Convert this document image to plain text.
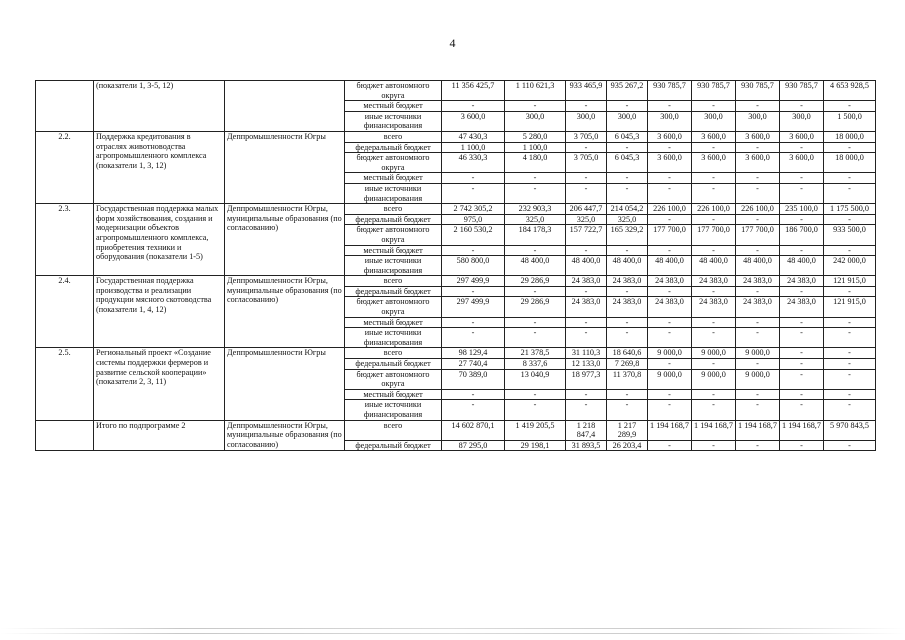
4
	(показатели 1, 3-5, 12)		бюджет автономного округа	11 356 425,7	1 110 621,3	933 465,9	935 267,2	930 785,7	930 785,7	930 785,7	930 785,7	4 653 928,5
			местный бюджет	-	-	-	-	-	-	-	-	-
			иные источники финансирования	3 600,0	300,0	300,0	300,0	300,0	300,0	300,0	300,0	1 500,0
2.2.	Поддержка кредитования в отраслях животноводства агропромышленного комплекса (показатели 1, 3, 12)	Деппромышленности Югры	всего	47 430,3	5 280,0	3 705,0	6 045,3	3 600,0	3 600,0	3 600,0	3 600,0	18 000,0
			федеральный бюджет	1 100,0	1 100,0	-	-	-	-	-	-	-
			бюджет автономного округа	46 330,3	4 180,0	3 705,0	6 045,3	3 600,0	3 600,0	3 600,0	3 600,0	18 000,0
			местный бюджет	-	-	-	-	-	-	-	-	-
			иные источники финансирования	-	-	-	-	-	-	-	-	-
2.3.	Государственная поддержка малых форм хозяйствования, создания и модернизации объектов агропромышленного комплекса, приобретения техники и оборудования (показатели 1-5)	Деппромышленности Югры, муниципальные образования (по согласованию)	всего	2 742 305,2	232 903,3	206 447,7	214 054,2	226 100,0	226 100,0	226 100,0	235 100,0	1 175 500,0
			федеральный бюджет	975,0	325,0	325,0	325,0	-	-	-	-	-
			бюджет автономного округа	2 160 530,2	184 178,3	157 722,7	165 329,2	177 700,0	177 700,0	177 700,0	186 700,0	933 500,0
			местный бюджет	-	-	-	-	-	-	-	-	-
			иные источники финансирования	580 800,0	48 400,0	48 400,0	48 400,0	48 400,0	48 400,0	48 400,0	48 400,0	242 000,0
2.4.	Государственная поддержка производства и реализации продукции мясного скотоводства (показатели 1, 4, 12)	Деппромышленности Югры, муниципальные образования (по согласованию)	всего	297 499,9	29 286,9	24 383,0	24 383,0	24 383,0	24 383,0	24 383,0	24 383,0	121 915,0
			федеральный бюджет	-	-	-	-	-	-	-	-	-
			бюджет автономного округа	297 499,9	29 286,9	24 383,0	24 383,0	24 383,0	24 383,0	24 383,0	24 383,0	121 915,0
			местный бюджет	-	-	-	-	-	-	-	-	-
			иные источники финансирования	-	-	-	-	-	-	-	-	-
2.5.	Региональный проект «Создание системы поддержки фермеров и развитие сельской кооперации» (показатели 2, 3, 11)	Деппромышленности Югры	всего	98 129,4	21 378,5	31 110,3	18 640,6	9 000,0	9 000,0	9 000,0	-	-
			федеральный бюджет	27 740,4	8 337,6	12 133,0	7 269,8	-	-	-	-	-
			бюджет автономного округа	70 389,0	13 040,9	18 977,3	11 370,8	9 000,0	9 000,0	9 000,0	-	-
			местный бюджет	-	-	-	-	-	-	-	-	-
			иные источники финансирования	-	-	-	-	-	-	-	-	-
	Итого по подпрограмме 2	Деппромышленности Югры, муниципальные образования (по согласованию)	всего	14 602 870,1	1 419 205,5	1 218 847,4	1 217 289,9	1 194 168,7	1 194 168,7	1 194 168,7	1 194 168,7	5 970 843,5
			федеральный бюджет	87 295,0	29 198,1	31 893,5	26 203,4	-	-	-	-	-
